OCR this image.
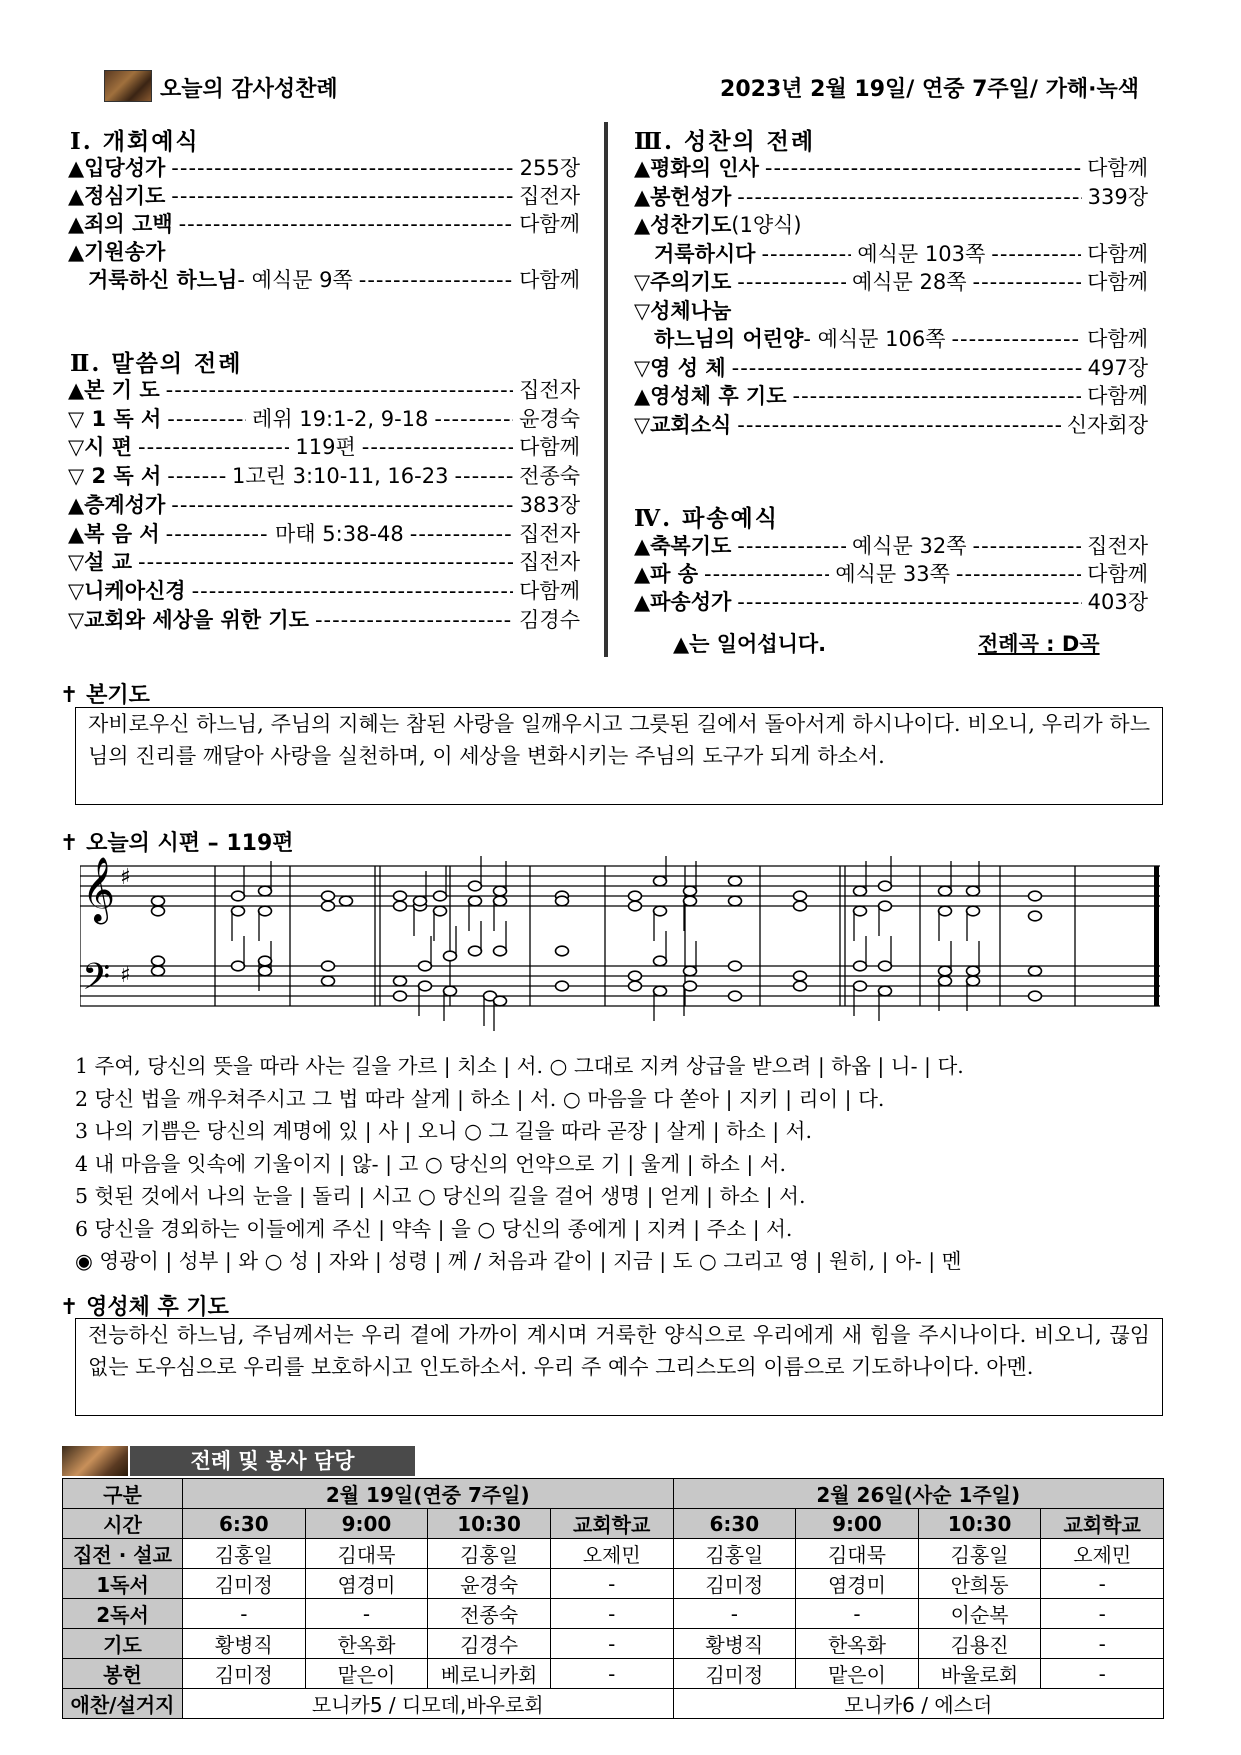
오늘의 감사성찬례	2023년 2월 19일/ 연중 7주일/ 가해·녹색
Ⅰ. 개회예식
▲입당성가 -----	255장
▲정심기도 -----	집전자
▲죄의 고백 -----	다함께
▲기원송가
거룩하신 하느님 - 예식문 9쪽 -----	다함께
Ⅱ. 말씀의 전례
▲본 기 도 -----	집전자
▽ 1 독 서 -----	레위 19:1-2, 9-18 -----	윤경숙
▽시 편 -----	119편 -----	다함께
▽ 2 독 서 -----	1고린 3:10-11, 16-23 -----	전종숙
▲층계성가 -----	383장
▲복 음 서 -----	마태 5:38-48 -----	집전자
▽설 교 -----	집전자
▽니케아신경 -----	다함께
▽교회와 세상을 위한 기도 -----	김경수
Ⅲ. 성찬의 전례
▲평화의 인사 -----	다함께
▲봉헌성가 -----	339장
▲성찬기도 (1양식)
거룩하시다 -----	예식문 103쪽 -----	다함께
▽주의기도 -----	예식문 28쪽 -----	다함께
▽성체나눔
하느님의 어린양 - 예식문 106쪽 -----	다함께
▽영 성 체 -----	497장
▲영성체 후 기도 -----	다함께
▽교회소식 -----	신자회장
Ⅳ. 파송예식
▲축복기도 -----	예식문 32쪽 -----	집전자
▲파 송 -----	예식문 33쪽 -----	다함께
▲파송성가 -----	403장
▲는 일어섭니다.	전례곡 : D곡
✝ 본기도
자비로우신 하느님, 주님의 지혜는 참된 사랑을 일깨우시고 그릇된 길에서 돌아서게 하시나이다. 비오니, 우리가 하느님의 진리를 깨달아 사랑을 실천하며, 이 세상을 변화시키는 주님의 도구가 되게 하소서.
✝ 오늘의 시편 – 119편
𝄞
𝄢
♯
♯
1 주여, 당신의 뜻을 따라 사는 길을 가르 | 치소 | 서. ○ 그대로 지켜 상급을 받으려 | 하옵 | 니- | 다.
2 당신 법을 깨우쳐주시고 그 법 따라 살게 | 하소 | 서. ○ 마음을 다 쏟아 | 지키 | 리이 | 다.
3 나의 기쁨은 당신의 계명에 있 | 사 | 오니 ○ 그 길을 따라 곧장 | 살게 | 하소 | 서.
4 내 마음을 잇속에 기울이지 | 않- | 고 ○ 당신의 언약으로 기 | 울게 | 하소 | 서.
5 헛된 것에서 나의 눈을 | 돌리 | 시고 ○ 당신의 길을 걸어 생명 | 얻게 | 하소 | 서.
6 당신을 경외하는 이들에게 주신 | 약속 | 을 ○ 당신의 종에게 | 지켜 | 주소 | 서.
◉ 영광이 | 성부 | 와 ○ 성 | 자와 | 성령 | 께 / 처음과 같이 | 지금 | 도 ○ 그리고 영 | 원히, | 아- | 멘
✝ 영성체 후 기도
전능하신 하느님, 주님께서는 우리 곁에 가까이 계시며 거룩한 양식으로 우리에게 새 힘을 주시나이다. 비오니, 끊임없는 도우심으로 우리를 보호하시고 인도하소서. 우리 주 예수 그리스도의 이름으로 기도하나이다. 아멘.
전례 및 봉사 담당
구분	2월 19일(연중 7주일)				2월 26일(사순 1주일)			
시간	6:30	9:00	10:30	교회학교	6:30	9:00	10:30	교회학교
집전 · 설교	김홍일	김대묵	김홍일	오제민	김홍일	김대묵	김홍일	오제민
1독서	김미정	염경미	윤경숙	-	김미정	염경미	안희동	-
2독서	-	-	전종숙	-	-	-	이순복	-
기도	황병직	한옥화	김경수	-	황병직	한옥화	김용진	-
봉헌	김미정	맡은이	베로니카회	-	김미정	맡은이	바울로회	-
애찬/설거지	모니카5 / 디모데,바우로회				모니카6 / 에스더			
